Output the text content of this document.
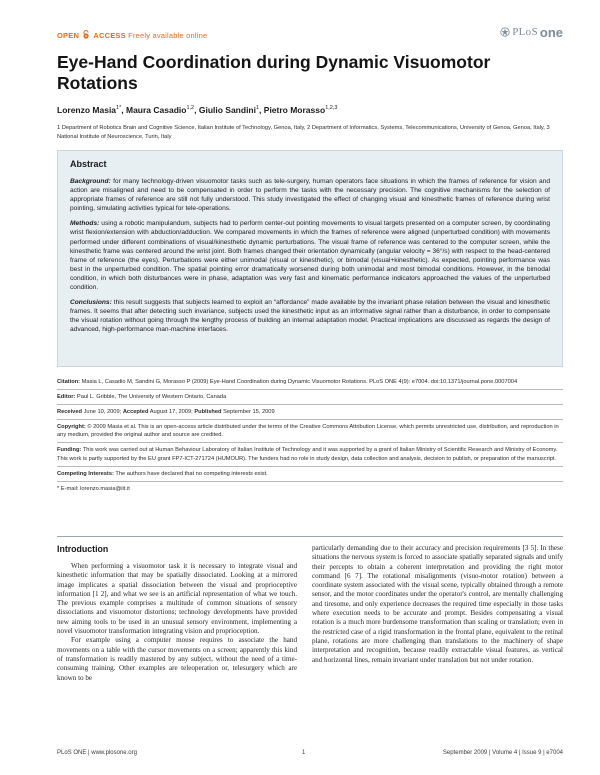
OPEN ACCESS Freely available online	PLoS one
Eye-Hand Coordination during Dynamic Visuomotor Rotations
Lorenzo Masia$^{1*}$, Maura Casadio$^{1,2}$, Giulio Sandini$^1$, Pietro Morasso$^{1,2,3}$
1 Department of Robotics Brain and Cognitive Science, Italian Institute of Technology, Genoa, Italy, 2 Department of Informatics, Systems, Telecommunications, University of Genoa, Genoa, Italy, 3 National Institute of Neuroscience, Turin, Italy
Abstract

Background: for many technology-driven visuomotor tasks such as tele-surgery, human operators face situations in which the frames of reference for vision and action are misaligned and need to be compensated in order to perform the tasks with the necessary precision. The cognitive mechanisms for the selection of appropriate frames of reference are still not fully understood. This study investigated the effect of changing visual and kinesthetic frames of reference during wrist pointing, simulating activities typical for tele-operations.

Methods: using a robotic manipulandum, subjects had to perform center-out pointing movements to visual targets presented on a computer screen, by coordinating wrist flexion/extension with abduction/adduction. We compared movements in which the frames of reference were aligned (unperturbed condition) with movements performed under different combinations of visual/kinesthetic dynamic perturbations. The visual frame of reference was centered to the computer screen, while the kinesthetic frame was centered around the wrist joint. Both frames changed their orientation dynamically (angular velocity = 36°/s) with respect to the head-centered frame of reference (the eyes). Perturbations were either unimodal (visual or kinesthetic), or bimodal (visual+kinesthetic). As expected, pointing performance was best in the unperturbed condition. The spatial pointing error dramatically worsened during both unimodal and most bimodal conditions. However, in the bimodal condition, in which both disturbances were in phase, adaptation was very fast and kinematic performance indicators approached the values of the unperturbed condition.

Conclusions: this result suggests that subjects learned to exploit an “affordance” made available by the invariant phase relation between the visual and kinesthetic frames. It seems that after detecting such invariance, subjects used the kinesthetic input as an informative signal rather than a disturbance, in order to compensate the visual rotation without going through the lengthy process of building an internal adaptation model. Practical implications are discussed as regards the design of advanced, high-performance man-machine interfaces.

Citation: Masia L, Casadio M, Sandini G, Morasso P (2009) Eye-Hand Coordination during Dynamic Visuomotor Rotations. PLoS ONE 4(9): e7004. doi:10.1371/journal.pone.0007004

Editor: Paul L. Gribble, The University of Western Ontario, Canada

Received June 10, 2009; Accepted August 17, 2009; Published September 15, 2009

Copyright: © 2009 Masia et al. This is an open-access article distributed under the terms of the Creative Commons Attribution License, which permits unrestricted use, distribution, and reproduction in any medium, provided the original author and source are credited.

Funding: This work was carried out at Human Behaviour Laboratory of Italian Institute of Technology and it was supported by a grant of Italian Ministry of Scientific Research and Ministry of Economy. This work is partly supported by the EU grant FP7-ICT-271724 (HUMOUR). The funders had no role in study design, data collection and analysis, decision to publish, or preparation of the manuscript.

Competing Interests: The authors have declared that no competing interests exist.

* E-mail: lorenzo.masia@iit.it

Introduction

When performing a visuomotor task it is necessary to integrate visual and kinesthetic information that may be spatially dissociated. Looking at a mirrored image implicates a spatial dissociation between the visual and proprioceptive information [1 2], and what we see is an artificial representation of what we touch. The previous example comprises a multitude of common situations of sensory dissociations and visuomotor distortions; technology developments have provided new aiming tools to be used in an unusual sensory environment, implementing a novel visuomotor transformation integrating vision and proprioception.

For example using a computer mouse requires to associate the hand movements on a table with the cursor movements on a screen; apparently this kind of transformation is readily mastered by any subject, without the need of a time-consuming training. Other examples are teleoperation or, telesurgery which are known to be

particularly demanding due to their accuracy and precision requirements [3 5]. In these situations the nervous system is forced to associate spatially separated signals and unify their percepts to obtain a coherent interpretation and providing the right motor command [6 7]. The rotational misalignments (visuo-motor rotation) between a coordinate system associated with the visual scene, typically obtained through a remote sensor, and the motor coordinates under the operator's control, are mentally challenging and tiresome, and only experience decreases the required time especially in those tasks where execution needs to be accurate and prompt. Besides compensating a visual rotation is a much more burdensome transformation than scaling or translation; even in the restricted case of a rigid transformation in the frontal plane, equivalent to the retinal plane, rotations are more challenging than translations to the machinery of shape interpretation and recognition, because readily extractable visual features, as vertical and horizontal lines, remain invariant under translation but not under rotation.

PLoS ONE | www.plosone.org	1	September 2009 | Volume 4 | Issue 9 | e7004
